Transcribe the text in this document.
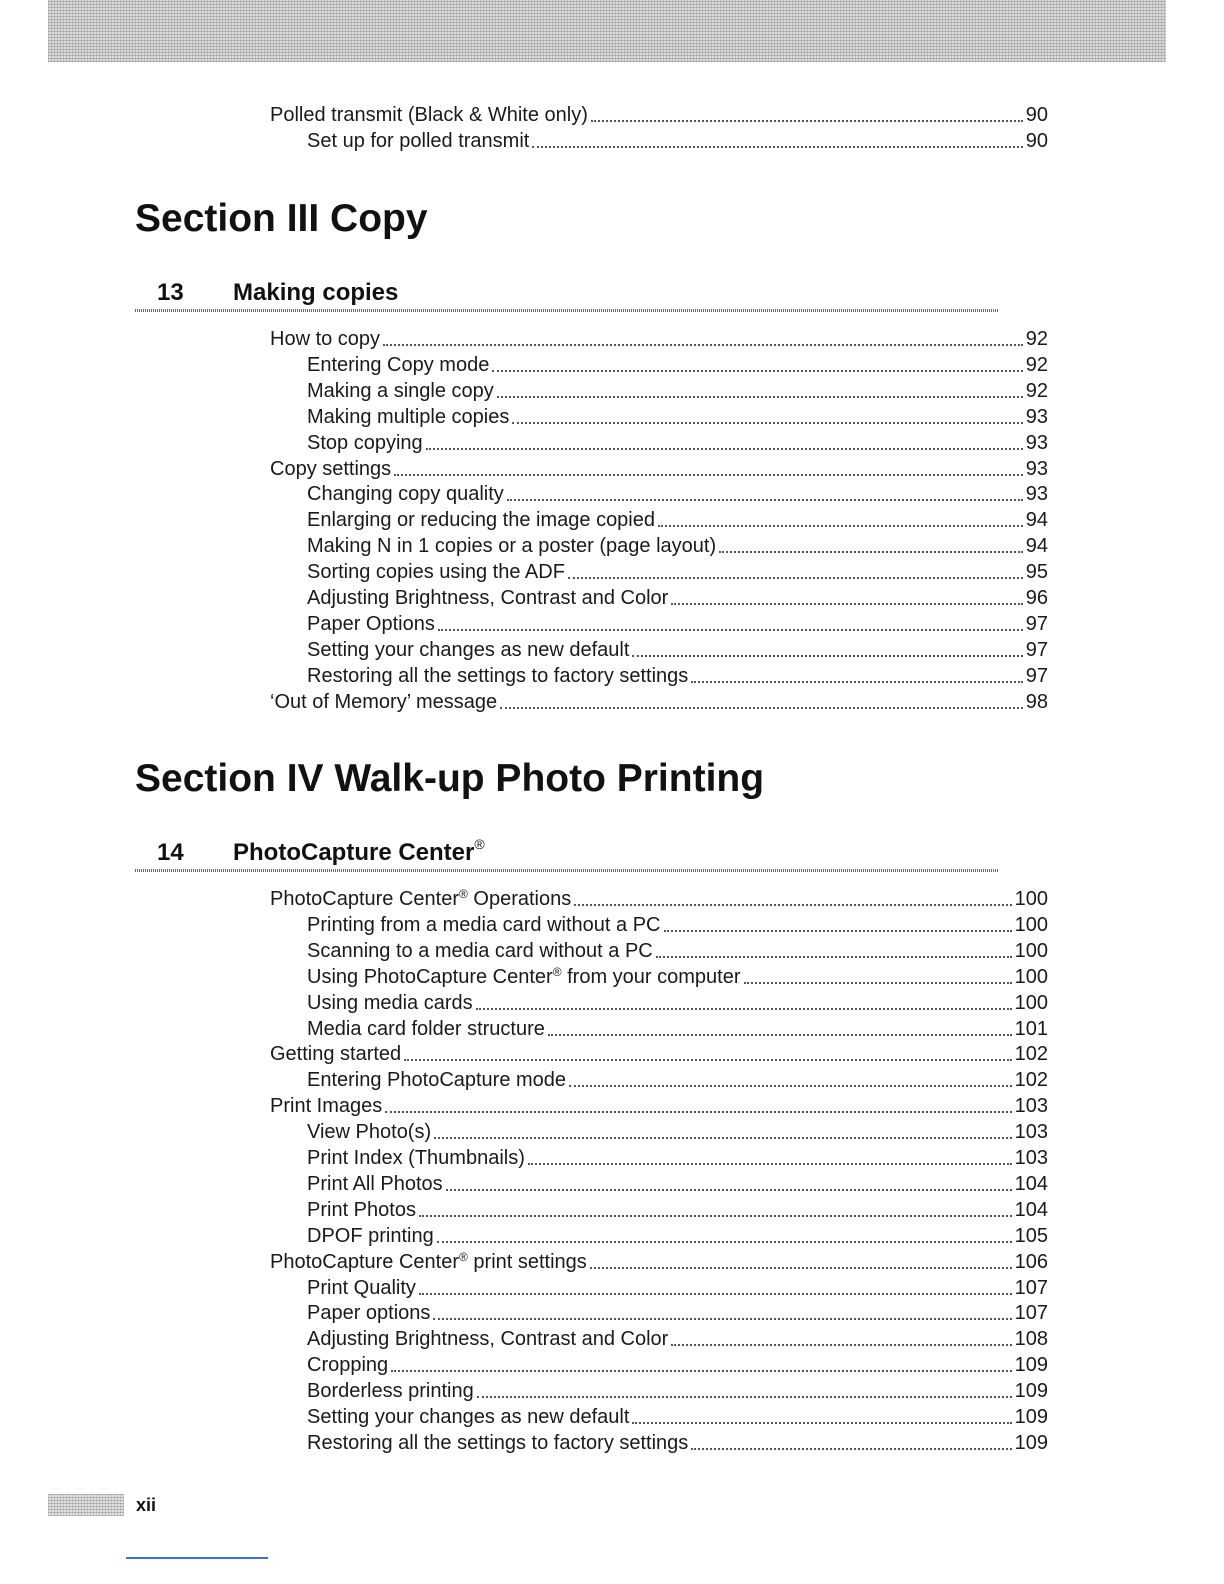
Polled transmit (Black & White only)	90
Set up for polled transmit	90
Section III Copy
13 Making copies
How to copy	92
Entering Copy mode	92
Making a single copy	92
Making multiple copies	93
Stop copying	93
Copy settings	93
Changing copy quality	93
Enlarging or reducing the image copied	94
Making N in 1 copies or a poster (page layout)	94
Sorting copies using the ADF	95
Adjusting Brightness, Contrast and Color	96
Paper Options	97
Setting your changes as new default	97
Restoring all the settings to factory settings	97
‘Out of Memory’ message	98
Section IV Walk-up Photo Printing
14 PhotoCapture Center®
PhotoCapture Center® Operations	100
Printing from a media card without a PC	100
Scanning to a media card without a PC	100
Using PhotoCapture Center® from your computer	100
Using media cards	100
Media card folder structure	101
Getting started	102
Entering PhotoCapture mode	102
Print Images	103
View Photo(s)	103
Print Index (Thumbnails)	103
Print All Photos	104
Print Photos	104
DPOF printing	105
PhotoCapture Center® print settings	106
Print Quality	107
Paper options	107
Adjusting Brightness, Contrast and Color	108
Cropping	109
Borderless printing	109
Setting your changes as new default	109
Restoring all the settings to factory settings	109
xii
